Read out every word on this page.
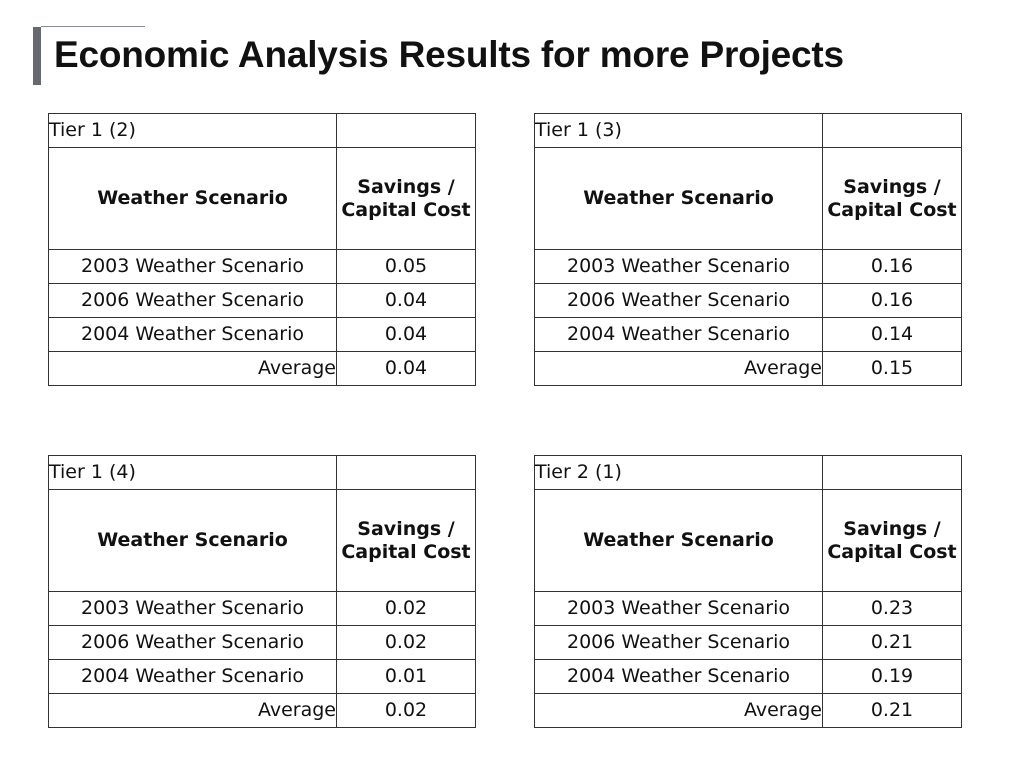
Economic Analysis Results for more Projects
Tier 1 (2)	
Weather Scenario	Savings /
Capital Cost
2003 Weather Scenario	0.05
2006 Weather Scenario	0.04
2004 Weather Scenario	0.04
Average	0.04
Tier 1 (3)	
Weather Scenario	Savings /
Capital Cost
2003 Weather Scenario	0.16
2006 Weather Scenario	0.16
2004 Weather Scenario	0.14
Average	0.15
Tier 1 (4)	
Weather Scenario	Savings /
Capital Cost
2003 Weather Scenario	0.02
2006 Weather Scenario	0.02
2004 Weather Scenario	0.01
Average	0.02
Tier 2 (1)	
Weather Scenario	Savings /
Capital Cost
2003 Weather Scenario	0.23
2006 Weather Scenario	0.21
2004 Weather Scenario	0.19
Average	0.21
